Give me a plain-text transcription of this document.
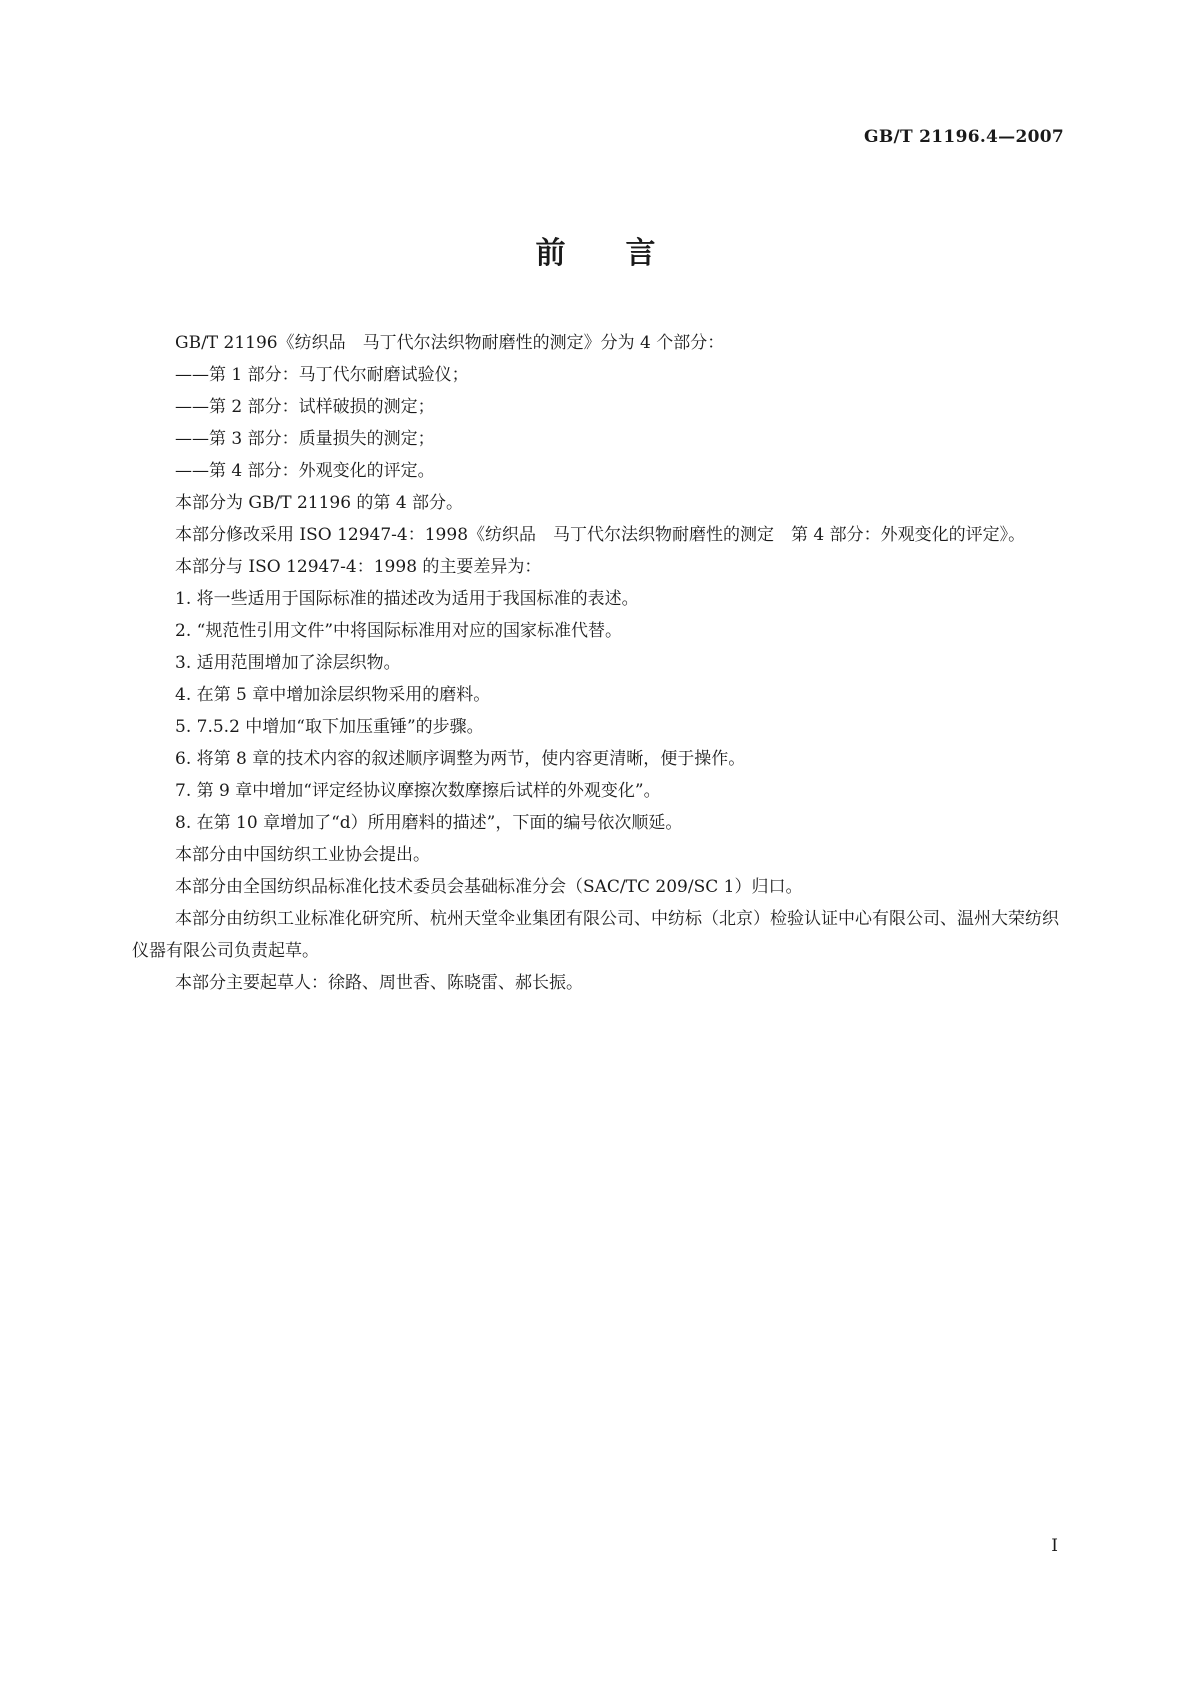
GB/T 21196.4—2007
前言

GB/T 21196《纺织品　马丁代尔法织物耐磨性的测定》分为 4 个部分：

——第 1 部分：马丁代尔耐磨试验仪；

——第 2 部分：试样破损的测定；

——第 3 部分：质量损失的测定；

——第 4 部分：外观变化的评定。

本部分为 GB/T 21196 的第 4 部分。

本部分修改采用 ISO 12947-4：1998《纺织品　马丁代尔法织物耐磨性的测定　第 4 部分：外观变化的评定》。

本部分与 ISO 12947-4：1998 的主要差异为：

1. 将一些适用于国际标准的描述改为适用于我国标准的表述。

2. “规范性引用文件”中将国际标准用对应的国家标准代替。

3. 适用范围增加了涂层织物。

4. 在第 5 章中增加涂层织物采用的磨料。

5. 7.5.2 中增加“取下加压重锤”的步骤。

6. 将第 8 章的技术内容的叙述顺序调整为两节，使内容更清晰，便于操作。

7. 第 9 章中增加“评定经协议摩擦次数摩擦后试样的外观变化”。

8. 在第 10 章增加了“d）所用磨料的描述”，下面的编号依次顺延。

本部分由中国纺织工业协会提出。

本部分由全国纺织品标准化技术委员会基础标准分会（SAC/TC 209/SC 1）归口。

本部分由纺织工业标准化研究所、杭州天堂伞业集团有限公司、中纺标（北京）检验认证中心有限公司、温州大荣纺织仪器有限公司负责起草。

本部分主要起草人：徐路、周世香、陈晓雷、郝长振。

I
